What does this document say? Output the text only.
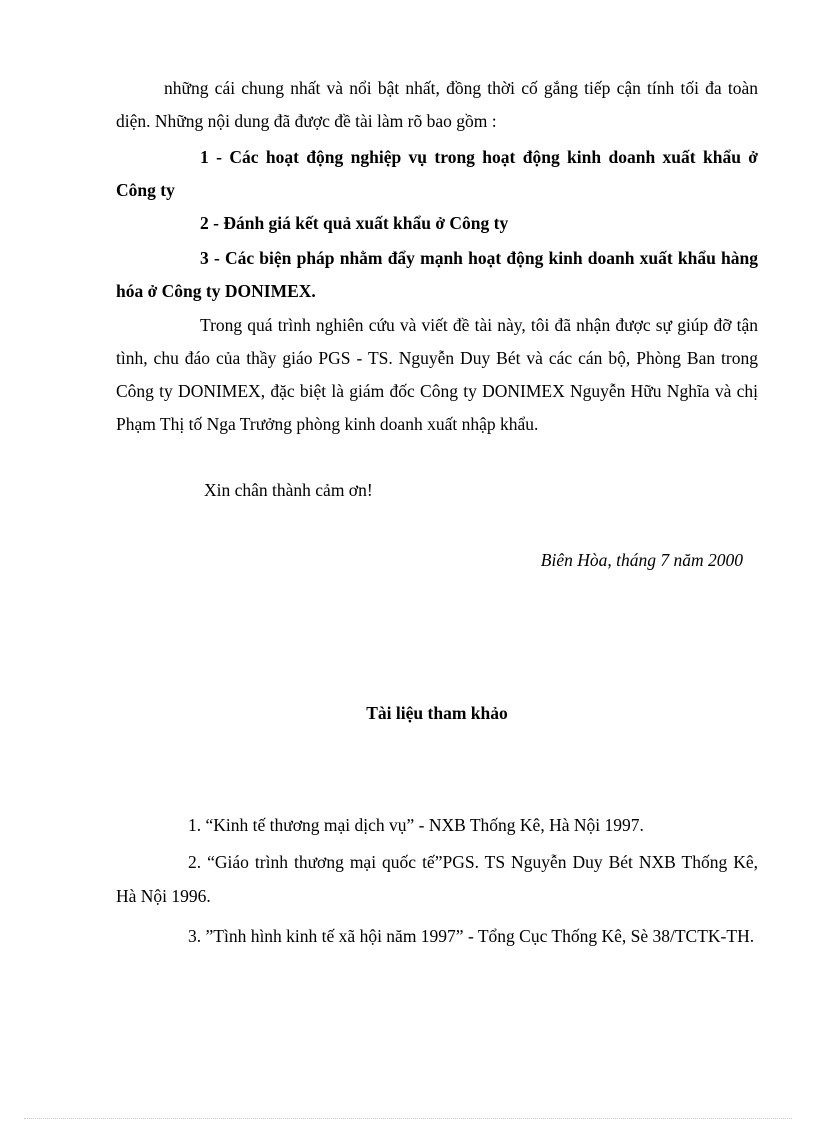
những cái chung nhất và nổi bật nhất, đồng thời cố gắng tiếp cận tính tối đa toàn diện. Những nội dung đã được đề tài làm rõ bao gồm :

1 - Các hoạt động nghiệp vụ trong hoạt động kinh doanh xuất khẩu ở Công ty

2 - Đánh giá kết quả xuất khẩu ở Công ty

3 - Các biện pháp nhằm đẩy mạnh hoạt động kinh doanh xuất khẩu hàng hóa ở Công ty DONIMEX.

Trong quá trình nghiên cứu và viết đề tài này, tôi đã nhận được sự giúp đỡ tận tình, chu đáo của thầy giáo PGS - TS. Nguyễn Duy Bét và các cán bộ, Phòng Ban trong Công ty DONIMEX, đặc biệt là giám đốc Công ty DONIMEX Nguyễn Hữu Nghĩa và chị Phạm Thị tố Nga Trưởng phòng kinh doanh xuất nhập khẩu.

Xin chân thành cảm ơn!

Biên Hòa, tháng 7 năm 2000

Tài liệu tham khảo

1. “Kinh tế thương mại dịch vụ” - NXB Thống Kê, Hà Nội 1997.

2. “Giáo trình thương mại quốc tế”PGS. TS Nguyễn Duy Bét NXB Thống Kê, Hà Nội 1996.

3. ”Tình hình kinh tế xã hội năm 1997” - Tổng Cục Thống Kê, Sè 38/TCTK-TH.
